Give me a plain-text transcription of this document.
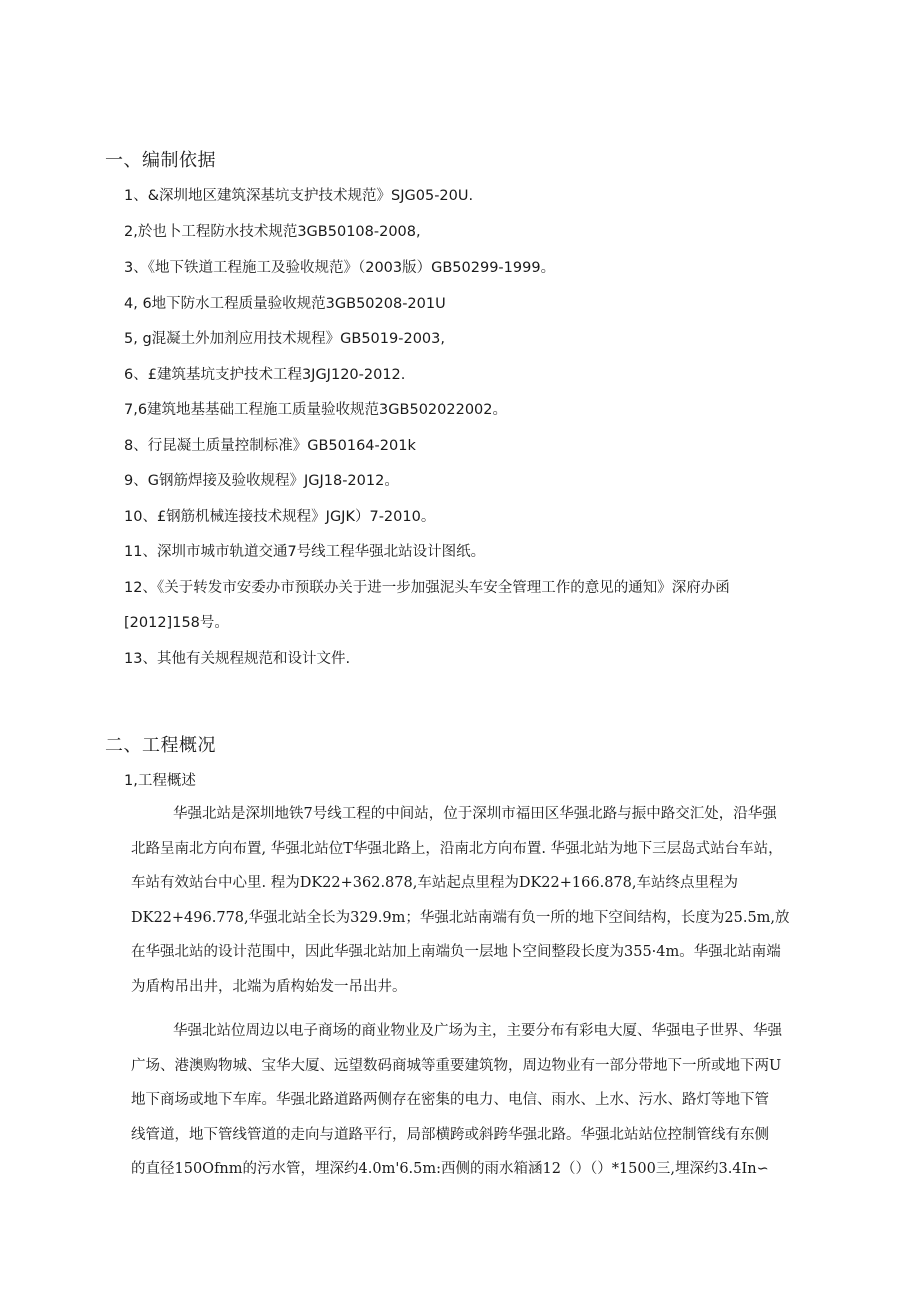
一、编制依据
1、&深圳地区建筑深基坑支护技术规范》SJG05-20U.
2,於也卜工程防水技术规范3GB50108-2008,
3、《地下铁道工程施工及验收规范》（2003版）GB50299-1999。
4, 6地下防水工程质量验收规范3GB50208-201U
5, g混凝土外加剂应用技术规程》GB5019-2003,
6、£建筑基坑支护技术工程3JGJ120-2012.
7,6建筑地基基础工程施工质量验收规范3GB502022002。
8、行昆凝土质量控制标准》GB50164-201k
9、G钢筋焊接及验收规程》JGJ18-2012。
10、£钢筋机械连接技术规程》JGJK）7-2010。
11、深圳市城市轨道交通7号线工程华强北站设计图纸。
12、《关于转发市安委办市预联办关于进一步加强泥头车安全管理工作的意见的通知》深府办函
[2012]158号。
13、其他有关规程规范和设计文件.
二、工程概况
1,工程概述
华强北站是深圳地铁7号线工程的中间站，位于深圳市福田区华强北路与振中路交汇处，沿华强
北路呈南北方向布置, 华强北站位T华强北路上，沿南北方向布置. 华强北站为地下三层岛式站台车站，
车站有效站台中心里. 程为DK22+362.878,车站起点里程为DK22+166.878,车站终点里程为
DK22+496.778,华强北站全长为329.9m；华强北站南端有负一所的地下空间结构，长度为25.5m,放
在华强北站的设计范围中，因此华强北站加上南端负一层地卜空间整段长度为355·4m。华强北站南端
为盾构吊出井，北端为盾构始发一吊出井。
华强北站位周边以电子商场的商业物业及广场为主，主要分布有彩电大厦、华强电子世界、华强
广场、港澳购物城、宝华大厦、远望数码商城等重要建筑物，周边物业有一部分带地下一所或地下两U
地下商场或地下车库。华强北路道路两侧存在密集的电力、电信、雨水、上水、污水、路灯等地下管
线管道，地下管线管道的走向与道路平行，局部横跨或斜跨华强北路。华强北站站位控制管线有东侧
的直径150Ofnm的污水管，埋深约4.0m'6.5m:西侧的雨水箱涵12（）（）*1500三,埋深约3.4In∽
